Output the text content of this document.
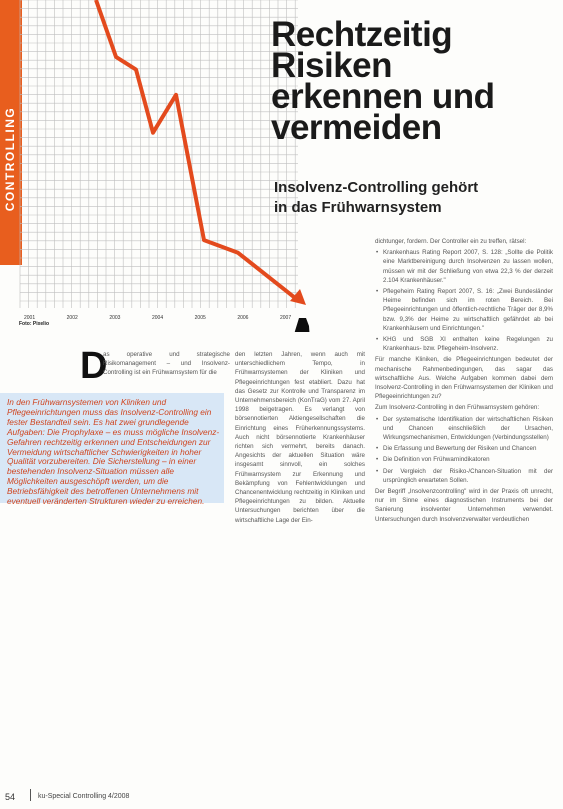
CONTROLLING
2001	2002	2003	2004	2005	2006	2007
Foto: Pixelio
Rechtzeitig
Risiken
erkennen und
vermeiden
Insolvenz-Controlling gehört
in das Frühwarnsystem

dichtunger, fordern. Der Controller ein zu treffen, rätsel:

• Krankenhaus Rating Report 2007, S. 128: „Sollte die Politik eine Marktbereinigung durch Insolvenzen zu lassen wollen, müssen wir mit der Schließung von etwa 22,3 % der derzeit 2.104 Krankenhäuser."
• Pflegeheim Rating Report 2007, S. 16: „Zwei Bundesländer Heime befinden sich im roten Bereich. Bei Pflegeeinrichtungen und öffentlich-rechtliche Träger der 8,9% bzw. 9,3% der Heime zu wirtschaftlich gefährdet ab bei Krankenhäusern und Einrichtungen."
• KHG und SGB XI enthalten keine Regelungen zu Krankenhaus- bzw. Pflegeheim-Insolvenz.

Für manche Kliniken, die Pflegeeinrichtungen bedeutet der mechanische Rahmenbedingungen, das sagar das wirtschaftliche Aus. Welche Aufgaben kommen dabei dem Insolvenz-Controlling in den Frühwarnsystemen der Kliniken und Pflegeeinrichtungen zu?

Zum Insolvenz-Controlling in den Frühwarnsystem gehören:

• Der systematische Identifikation der wirtschaftlichen Risiken und Chancen einschließlich der Ursachen, Wirkungsmechanismen, Entwicklungen (Verbindungsstellen)
• Die Erfassung und Bewertung der Risiken und Chancen
• Die Definition von Frühwarnindikatoren
• Der Vergleich der Risiko-/Chancen-Situation mit der ursprünglich erwarteten Sollen.

Der Begriff „Insolvenzcontrolling" wird in der Praxis oft unrecht, nur im Sinne eines diagnostischen Instruments bei der Sanierung insolventer Unternehmen verwendet. Untersuchungen durch Insolvenzverwalter verdeutlichen

D
as operative und strategische Risikomanagement – und Insolvenz-Controlling ist ein Frühwarnsystem für die
In den Frühwarnsystemen von Kliniken und Pflegeeinrichtungen muss das Insolvenz-Controlling ein fester Bestandteil sein. Es hat zwei grundlegende Aufgaben: Die Prophylaxe – es muss mögliche Insolvenz-Gefahren rechtzeitig erkennen und Entscheidungen zur Vermeidung wirtschaftlicher Schwierigkeiten in hoher Qualität vorzubereiten. Die Sicherstellung – in einer bestehenden Insolvenz-Situation müssen alle Möglichkeiten ausgeschöpft werden, um die Betriebsfähigkeit des betroffenen Unternehmens mit eventuell veränderten Strukturen wieder zu erreichen.
den letzten Jahren, wenn auch mit unterschiedlichem Tempo, in Frühwarnsystemen der Kliniken und Pflegeeinrichtungen fest etabliert. Dazu hat das Gesetz zur Kontrolle und Transparenz im Unternehmensbereich (KonTraG) vom 27. April 1998 beigetragen. Es verlangt von börsennotierten Aktiengesellschaften die Einrichtung eines Früherkennungssystems. Auch nicht börsennotierte Krankenhäuser richten sich vermehrt, bereits danach. Angesichts der aktuellen Situation wäre insgesamt sinnvoll, ein solches Frühwarnsystem zur Erkennung und Bekämpfung von Fehlentwicklungen und Chancenentwicklung rechtzeitig in Kliniken und Pflegeeinrichtungen zu bilden. Aktuelle Untersuchungen berichten über die wirtschaftliche Lage der Ein-
54	ku-Special Controlling 4/2008
